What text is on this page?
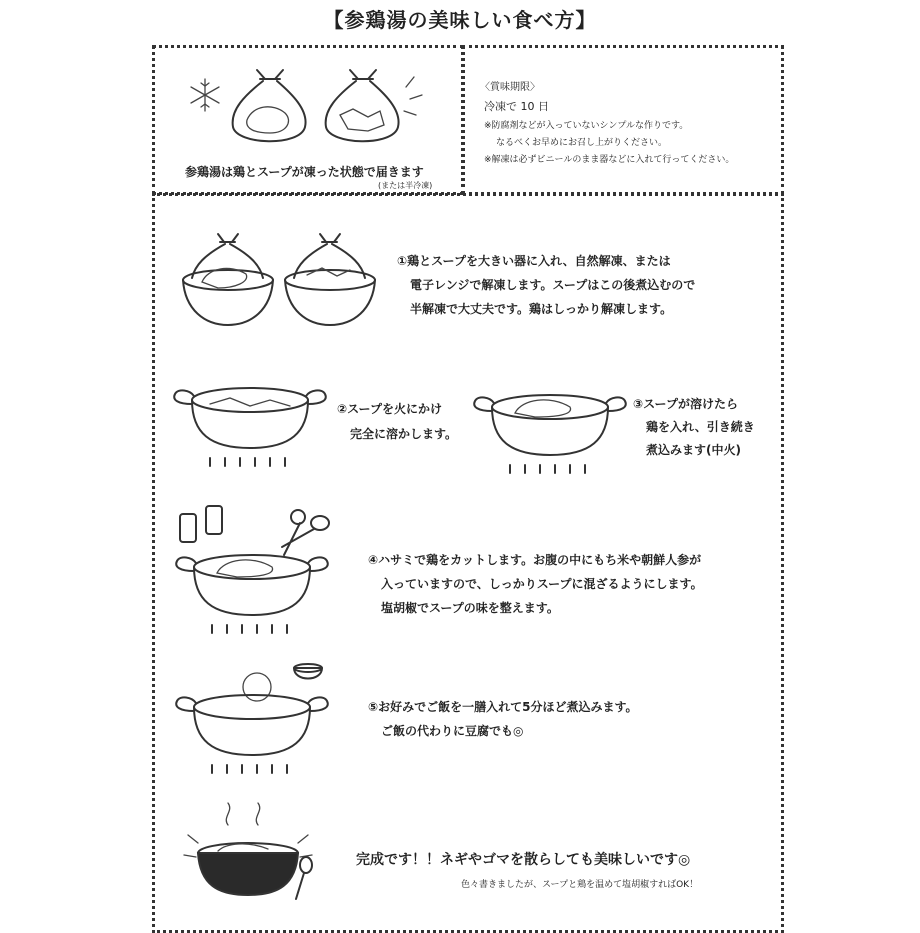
【参鶏湯の美味しい食べ方】
参鶏湯は鶏とスープが凍った状態で届きます
(または半冷凍)
〈賞味期限〉
冷凍で 10 日
※防腐剤などが入っていないシンプルな作りです。
なるべくお早めにお召し上がりください。
※解凍は必ずビニールのまま器などに入れて行ってください。
①鶏とスープを大きい器に入れ、自然解凍、または
電子レンジで解凍します。スープはこの後煮込むので
半解凍で大丈夫です。鶏はしっかり解凍します。
②スープを火にかけ
完全に溶かします。
③スープが溶けたら
鶏を入れ、引き続き
煮込みます(中火)
④ハサミで鶏をカットします。お腹の中にもち米や朝鮮人参が
入っていますので、しっかりスープに混ざるようにします。
塩胡椒でスープの味を整えます。
⑤お好みでご飯を一膳入れて5分ほど煮込みます。
ご飯の代わりに豆腐でも◎
完成です！！ネギやゴマを散らしても美味しいです◎
色々書きましたが、スープと鶏を温めて塩胡椒すればOK！
